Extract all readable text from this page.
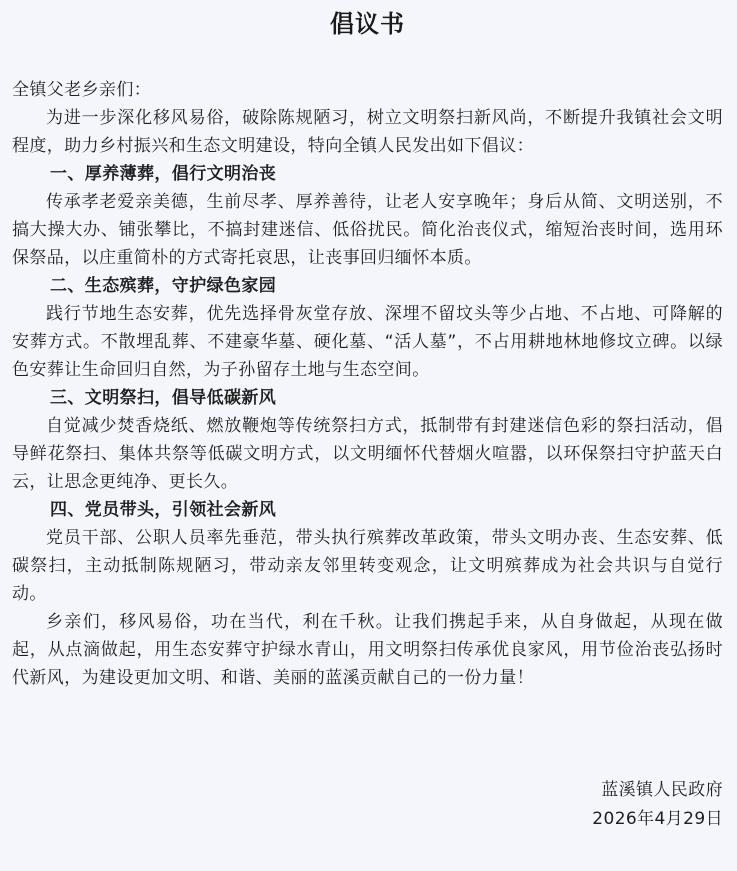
倡议书

全镇父老乡亲们：

为进一步深化移风易俗，破除陈规陋习，树立文明祭扫新风尚，不断提升我镇社会文明程度，助力乡村振兴和生态文明建设，特向全镇人民发出如下倡议：

一、厚养薄葬，倡行文明治丧

传承孝老爱亲美德，生前尽孝、厚养善待，让老人安享晚年；身后从简、文明送别，不搞大操大办、铺张攀比，不搞封建迷信、低俗扰民。简化治丧仪式，缩短治丧时间，选用环保祭品，以庄重简朴的方式寄托哀思，让丧事回归缅怀本质。

二、生态殡葬，守护绿色家园

践行节地生态安葬，优先选择骨灰堂存放、深埋不留坟头等少占地、不占地、可降解的安葬方式。不散埋乱葬、不建豪华墓、硬化墓、“活人墓”，不占用耕地林地修坟立碑。以绿色安葬让生命回归自然，为子孙留存土地与生态空间。

三、文明祭扫，倡导低碳新风

自觉减少焚香烧纸、燃放鞭炮等传统祭扫方式，抵制带有封建迷信色彩的祭扫活动，倡导鲜花祭扫、集体共祭等低碳文明方式，以文明缅怀代替烟火喧嚣，以环保祭扫守护蓝天白云，让思念更纯净、更长久。

四、党员带头，引领社会新风

党员干部、公职人员率先垂范，带头执行殡葬改革政策，带头文明办丧、生态安葬、低碳祭扫，主动抵制陈规陋习，带动亲友邻里转变观念，让文明殡葬成为社会共识与自觉行动。

乡亲们，移风易俗，功在当代，利在千秋。让我们携起手来，从自身做起，从现在做起，从点滴做起，用生态安葬守护绿水青山，用文明祭扫传承优良家风，用节俭治丧弘扬时代新风，为建设更加文明、和谐、美丽的蓝溪贡献自己的一份力量！

蓝溪镇人民政府
2026年4月29日
